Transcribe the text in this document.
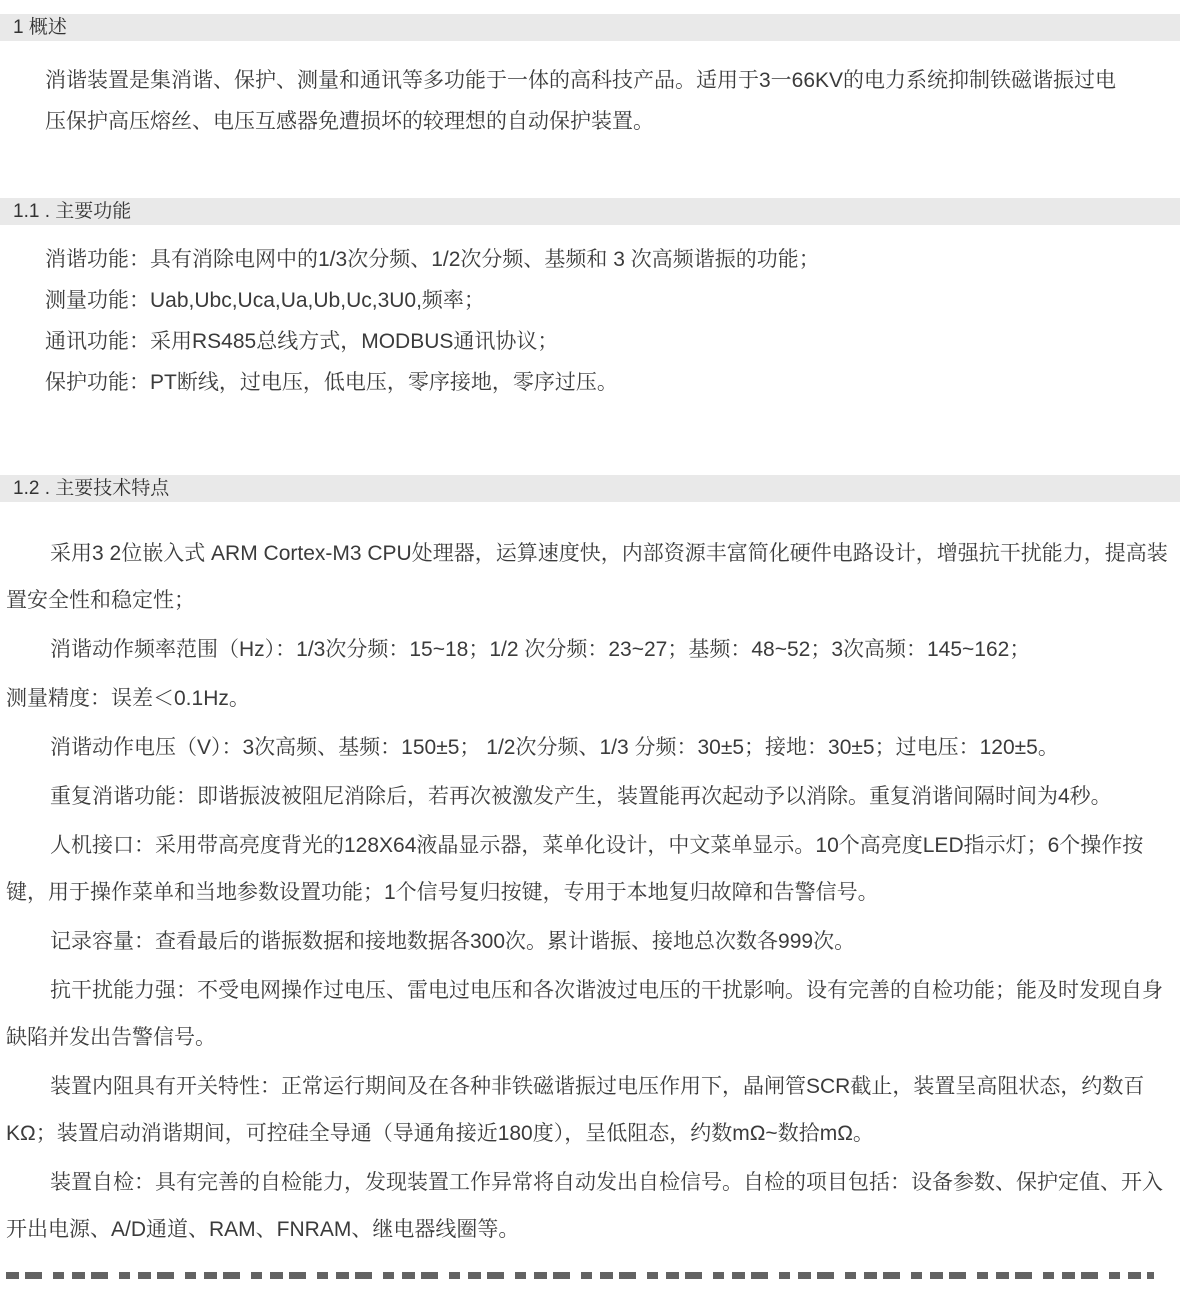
1 概述

消谐装置是集消谐、保护、测量和通讯等多功能于一体的高科技产品。适用于3一66KV的电力系统抑制铁磁谐振过电压保护高压熔丝、电压互感器免遭损坏的较理想的自动保护装置。

1.1 . 主要功能

消谐功能：具有消除电网中的1/3次分频、1/2次分频、基频和 3 次高频谐振的功能；

测量功能：Uab,Ubc,Uca,Ua,Ub,Uc,3U0,频率；

通讯功能：采用RS485总线方式，MODBUS通讯协议；

保护功能：PT断线，过电压，低电压，零序接地，零序过压。

1.2 . 主要技术特点

采用3 2位嵌入式 ARM Cortex-M3 CPU处理器，运算速度快，内部资源丰富简化硬件电路设计，增强抗干扰能力，提高装置安全性和稳定性；

消谐动作频率范围（Hz）：1/3次分频：15~18；1/2 次分频：23~27；基频：48~52；3次高频：145~162；

测量精度：误差＜0.1Hz。

消谐动作电压（V）：3次高频、基频：150±5； 1/2次分频、1/3 分频：30±5；接地：30±5；过电压：120±5。

重复消谐功能：即谐振波被阻尼消除后，若再次被激发产生，装置能再次起动予以消除。重复消谐间隔时间为4秒。

人机接口：采用带高亮度背光的128X64液晶显示器，菜单化设计，中文菜单显示。10个高亮度LED指示灯；6个操作按键，用于操作菜单和当地参数设置功能；1个信号复归按键，专用于本地复归故障和告警信号。

记录容量：查看最后的谐振数据和接地数据各300次。累计谐振、接地总次数各999次。

抗干扰能力强：不受电网操作过电压、雷电过电压和各次谐波过电压的干扰影响。设有完善的自检功能；能及时发现自身缺陷并发出告警信号。

装置内阻具有开关特性：正常运行期间及在各种非铁磁谐振过电压作用下，晶闸管SCR截止，装置呈高阻状态，约数百KΩ；装置启动消谐期间，可控硅全导通（导通角接近180度），呈低阻态，约数mΩ~数拾mΩ。

装置自检：具有完善的自检能力，发现装置工作异常将自动发出自检信号。自检的项目包括：设备参数、保护定值、开入开出电源、A/D通道、RAM、FNRAM、继电器线圈等。
